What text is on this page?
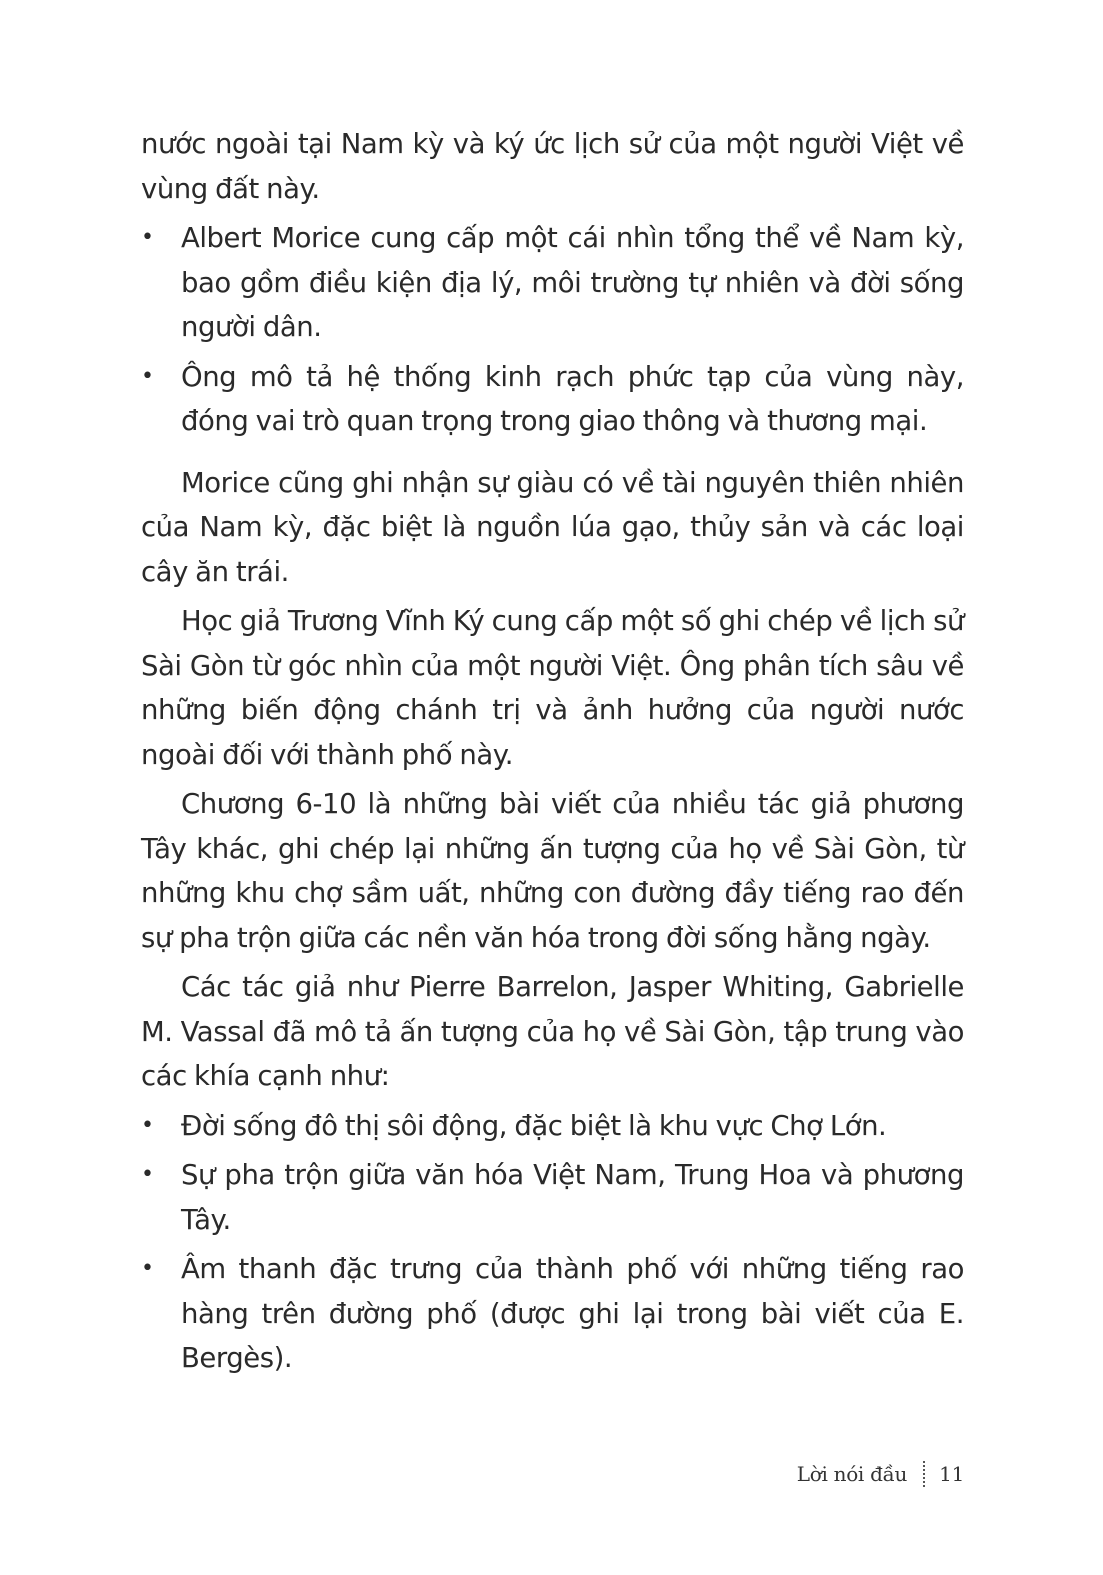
nước ngoài tại Nam kỳ và ký ức lịch sử của một người Việt về vùng đất này.

• Albert Morice cung cấp một cái nhìn tổng thể về Nam kỳ, bao gồm điều kiện địa lý, môi trường tự nhiên và đời sống người dân.
• Ông mô tả hệ thống kinh rạch phức tạp của vùng này, đóng vai trò quan trọng trong giao thông và thương mại.

Morice cũng ghi nhận sự giàu có về tài nguyên thiên nhiên của Nam kỳ, đặc biệt là nguồn lúa gạo, thủy sản và các loại cây ăn trái.

Học giả Trương Vĩnh Ký cung cấp một số ghi chép về lịch sử Sài Gòn từ góc nhìn của một người Việt. Ông phân tích sâu về những biến động chánh trị và ảnh hưởng của người nước ngoài đối với thành phố này.

Chương 6-10 là những bài viết của nhiều tác giả phương Tây khác, ghi chép lại những ấn tượng của họ về Sài Gòn, từ những khu chợ sầm uất, những con đường đầy tiếng rao đến sự pha trộn giữa các nền văn hóa trong đời sống hằng ngày.

Các tác giả như Pierre Barrelon, Jasper Whiting, Gabrielle M. Vassal đã mô tả ấn tượng của họ về Sài Gòn, tập trung vào các khía cạnh như:

• Đời sống đô thị sôi động, đặc biệt là khu vực Chợ Lớn.
• Sự pha trộn giữa văn hóa Việt Nam, Trung Hoa và phương Tây.
• Âm thanh đặc trưng của thành phố với những tiếng rao hàng trên đường phố (được ghi lại trong bài viết của E. Bergès).
Lời nói đầu 11
